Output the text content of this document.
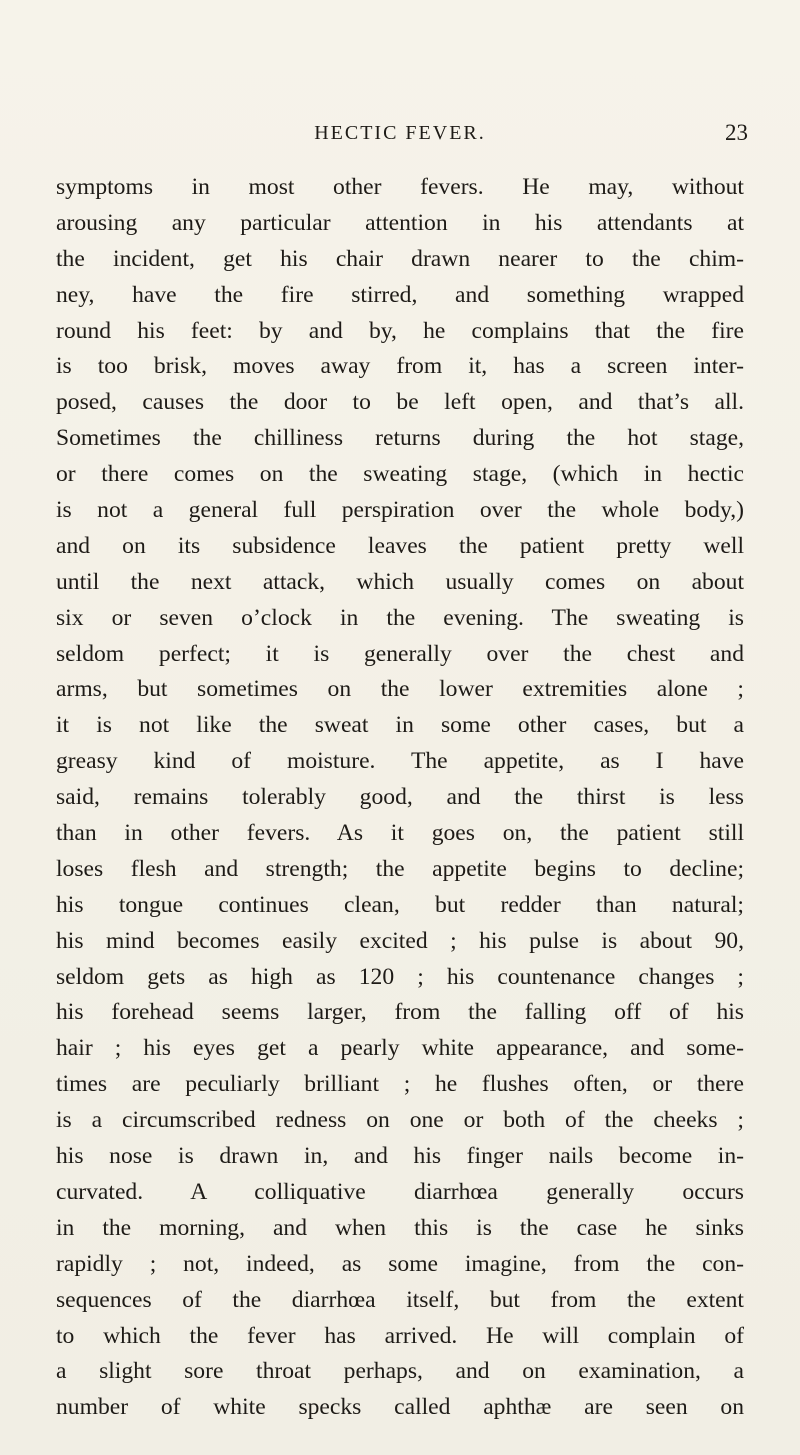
HECTIC FEVER.	23
symptoms in most other fevers. He may, without
arousing any particular attention in his attendants at
the incident, get his chair drawn nearer to the chim-
ney, have the fire stirred, and something wrapped
round his feet: by and by, he complains that the fire
is too brisk, moves away from it, has a screen inter-
posed, causes the door to be left open, and that’s all.
Sometimes the chilliness returns during the hot stage,
or there comes on the sweating stage, (which in hectic
is not a general full perspiration over the whole body,)
and on its subsidence leaves the patient pretty well
until the next attack, which usually comes on about
six or seven o’clock in the evening. The sweating is
seldom perfect; it is generally over the chest and
arms, but sometimes on the lower extremities alone ;
it is not like the sweat in some other cases, but a
greasy kind of moisture. The appetite, as I have
said, remains tolerably good, and the thirst is less
than in other fevers. As it goes on, the patient still
loses flesh and strength; the appetite begins to decline;
his tongue continues clean, but redder than natural;
his mind becomes easily excited ; his pulse is about 90,
seldom gets as high as 120 ; his countenance changes ;
his forehead seems larger, from the falling off of his
hair ; his eyes get a pearly white appearance, and some-
times are peculiarly brilliant ; he flushes often, or there
is a circumscribed redness on one or both of the cheeks ;
his nose is drawn in, and his finger nails become in-
curvated. A colliquative diarrhœa generally occurs
in the morning, and when this is the case he sinks
rapidly ; not, indeed, as some imagine, from the con-
sequences of the diarrhœa itself, but from the extent
to which the fever has arrived. He will complain of
a slight sore throat perhaps, and on examination, a
number of white specks called aphthæ are seen on
